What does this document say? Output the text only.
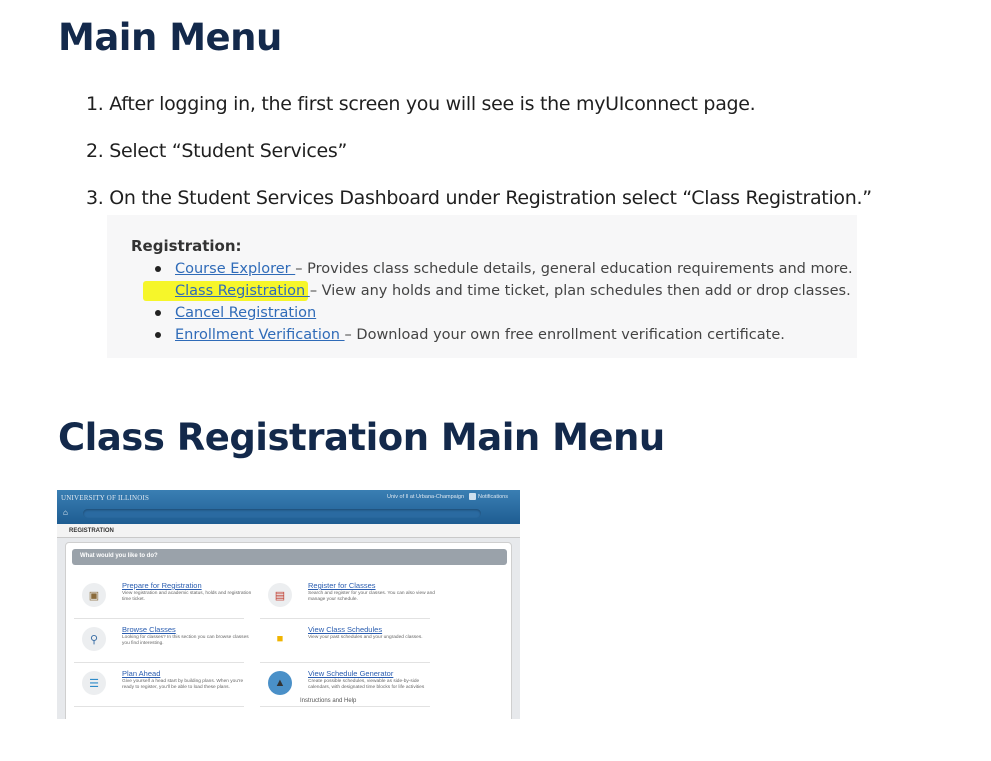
Main Menu
1. After logging in, the first screen you will see is the myUIconnect page.
2. Select “Student Services”
3. On the Student Services Dashboard under Registration select “Class Registration.”
Registration:
Course Explorer – Provides class schedule details, general education requirements and more.
Class Registration – View any holds and time ticket, plan schedules then add or drop classes.
Cancel Registration
Enrollment Verification – Download your own free enrollment verification certificate.
Class Registration Main Menu
UNIVERSITY OF ILLINOIS	Univ of Il at Urbana-Champaign	Notifications
⌂
REGISTRATION
What would you like to do?
▣
Prepare for Registration
View registration and academic status, holds and registration time ticket.	▤
Register for Classes
Search and register for your classes. You can also view and manage your schedule.
⚲
Browse Classes
Looking for classes? In this section you can browse classes you find interesting.	■
View Class Schedules
View your past schedules and your ungraded classes.
☰
Plan Ahead
Give yourself a head start by building plans. When you're ready to register, you'll be able to load these plans.	▲
View Schedule Generator
Create possible schedules, viewable as side-by-side calendars, with designated time blocks for life activities
Instructions and Help
